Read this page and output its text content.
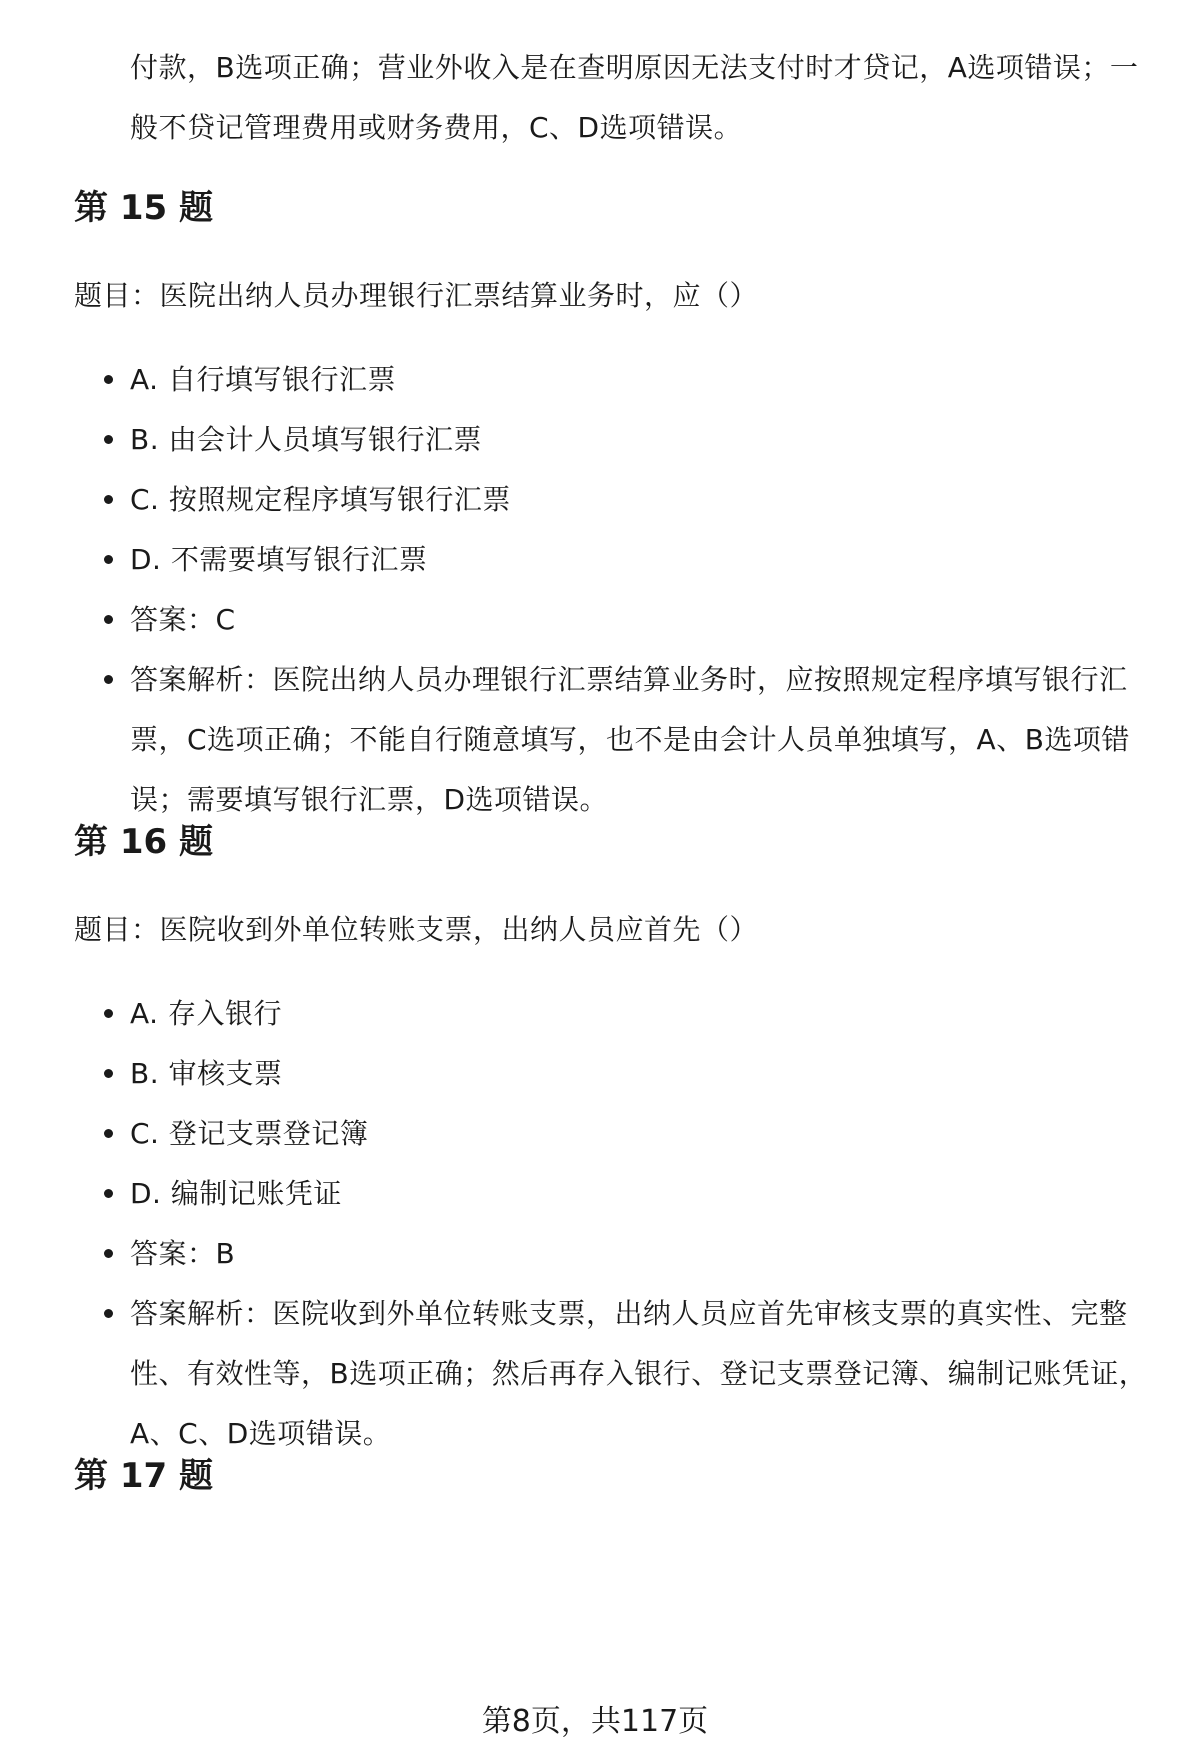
付款，B选项正确；营业外收入是在查明原因无法支付时才贷记，A选项错误；一般不贷记管理费用或财务费用，C、D选项错误。
第 15 题
题目：医院出纳人员办理银行汇票结算业务时，应（）
A. 自行填写银行汇票
B. 由会计人员填写银行汇票
C. 按照规定程序填写银行汇票
D. 不需要填写银行汇票
答案：C
答案解析：医院出纳人员办理银行汇票结算业务时，应按照规定程序填写银行汇票，C选项正确；不能自行随意填写，也不是由会计人员单独填写，A、B选项错误；需要填写银行汇票，D选项错误。
第 16 题
题目：医院收到外单位转账支票，出纳人员应首先（）
A. 存入银行
B. 审核支票
C. 登记支票登记簿
D. 编制记账凭证
答案：B
答案解析：医院收到外单位转账支票，出纳人员应首先审核支票的真实性、完整性、有效性等，B选项正确；然后再存入银行、登记支票登记簿、编制记账凭证，A、C、D选项错误。
第 17 题
第8页，共117页
